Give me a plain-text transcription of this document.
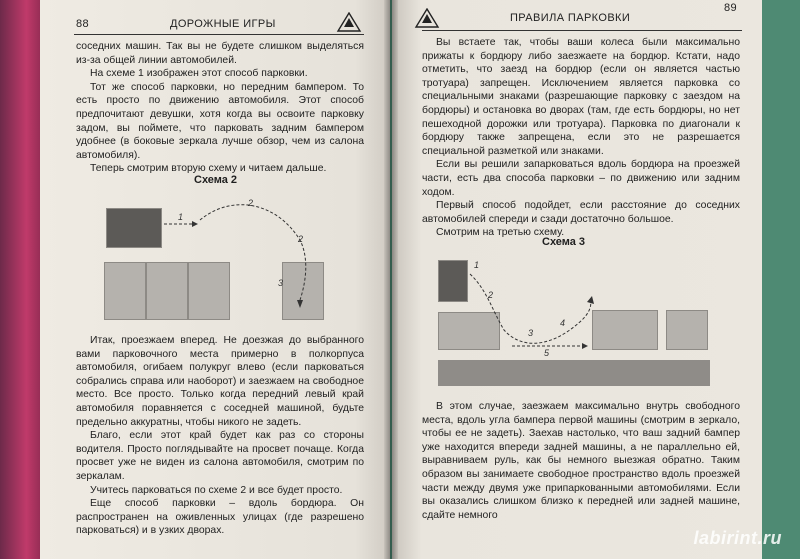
88	ДОРОЖНЫЕ ИГРЫ

соседних машин. Так вы не будете слишком выделяться из-за общей линии автомобилей.

На схеме 1 изображен этот способ парковки.

Тот же способ парковки, но передним бампером. То есть просто по движению автомобиля. Этот способ предпочитают девушки, хотя когда вы освоите парковку задом, вы поймете, что парковать задним бампером удобнее (в боковые зеркала лучше обзор, чем из салона автомобиля).

Теперь смотрим вторую схему и читаем дальше.

Схема 2
1
2
2
3

Итак, проезжаем вперед. Не доезжая до выбранного вами парковочного места примерно в полкорпуса автомобиля, огибаем полукруг влево (если парковаться собрались справа или наоборот) и заезжаем на свободное место. Все просто. Только когда передний левый край автомобиля поравняется с соседней машиной, будьте предельно аккуратны, чтобы никого не задеть.

Благо, если этот край будет как раз со стороны водителя. Просто поглядывайте на просвет почаще. Когда просвет уже не виден из салона автомобиля, смотрим по зеркалам.

Учитесь парковаться по схеме 2 и все будет просто.

Еще способ парковки – вдоль бордюра. Он распространен на оживленных улицах (где разрешено парковаться) и в узких дворах.

ПРАВИЛА ПАРКОВКИ
89

Вы встаете так, чтобы ваши колеса были максимально прижаты к бордюру либо заезжаете на бордюр. Кстати, надо отметить, что заезд на бордюр (если он является частью тротуара) запрещен. Исключением является парковка со специальными знаками (разрешающие парковку с заездом на бордюры) и остановка во дворах (там, где есть бордюры, но нет пешеходной дорожки или тротуара). Парковка по диагонали к бордюру также запрещена, если это не разрешается специальной разметкой или знаками.

Если вы решили запарковаться вдоль бордюра на проезжей части, есть два способа парковки – по движению или задним ходом.

Первый способ подойдет, если расстояние до соседних автомобилей спереди и сзади достаточно большое.

Смотрим на третью схему.

Схема 3
1
2
3
4
5

В этом случае, заезжаем максимально внутрь свободного места, вдоль угла бампера первой машины (смотрим в зеркало, чтобы ее не задеть). Заехав настолько, что ваш задний бампер уже находится впереди задней машины, а не параллельно ей, выравниваем руль, как бы немного выезжая обратно. Таким образом вы занимаете свободное пространство вдоль проезжей части между двумя уже припаркованными автомобилями. Если вы оказались слишком близко к передней или задней машине, сдайте немного

labirint.ru
